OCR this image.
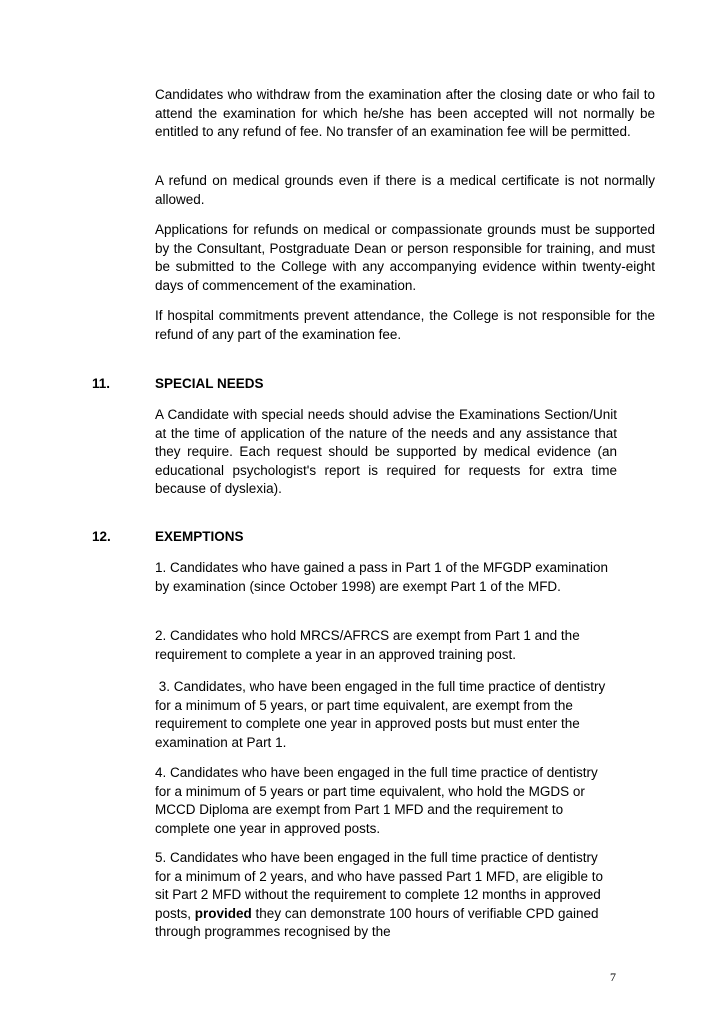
Candidates who withdraw from the examination after the closing date or who fail to attend the examination for which he/she has been accepted will not normally be entitled to any refund of fee. No transfer of an examination fee will be permitted.

A refund on medical grounds even if there is a medical certificate is not normally allowed.

Applications for refunds on medical or compassionate grounds must be supported by the Consultant, Postgraduate Dean or person responsible for training, and must be submitted to the College with any accompanying evidence within twenty-eight days of commencement of the examination.

If hospital commitments prevent attendance, the College is not responsible for the refund of any part of the examination fee.

11.	SPECIAL NEEDS

A Candidate with special needs should advise the Examinations Section/Unit at the time of application of the nature of the needs and any assistance that they require. Each request should be supported by medical evidence (an educational psychologist's report is required for requests for extra time because of dyslexia).

12.	EXEMPTIONS

1. Candidates who have gained a pass in Part 1 of the MFGDP examination by examination (since October 1998) are exempt Part 1 of the MFD.

2. Candidates who hold MRCS/AFRCS are exempt from Part 1 and the requirement to complete a year in an approved training post.

3. Candidates, who have been engaged in the full time practice of dentistry for a minimum of 5 years, or part time equivalent, are exempt from the requirement to complete one year in approved posts but must enter the examination at Part 1.

4. Candidates who have been engaged in the full time practice of dentistry for a minimum of 5 years or part time equivalent, who hold the MGDS or MCCD Diploma are exempt from Part 1 MFD and the requirement to complete one year in approved posts.

5. Candidates who have been engaged in the full time practice of dentistry for a minimum of 2 years, and who have passed Part 1 MFD, are eligible to sit Part 2 MFD without the requirement to complete 12 months in approved posts, provided they can demonstrate 100 hours of verifiable CPD gained through programmes recognised by the

7
